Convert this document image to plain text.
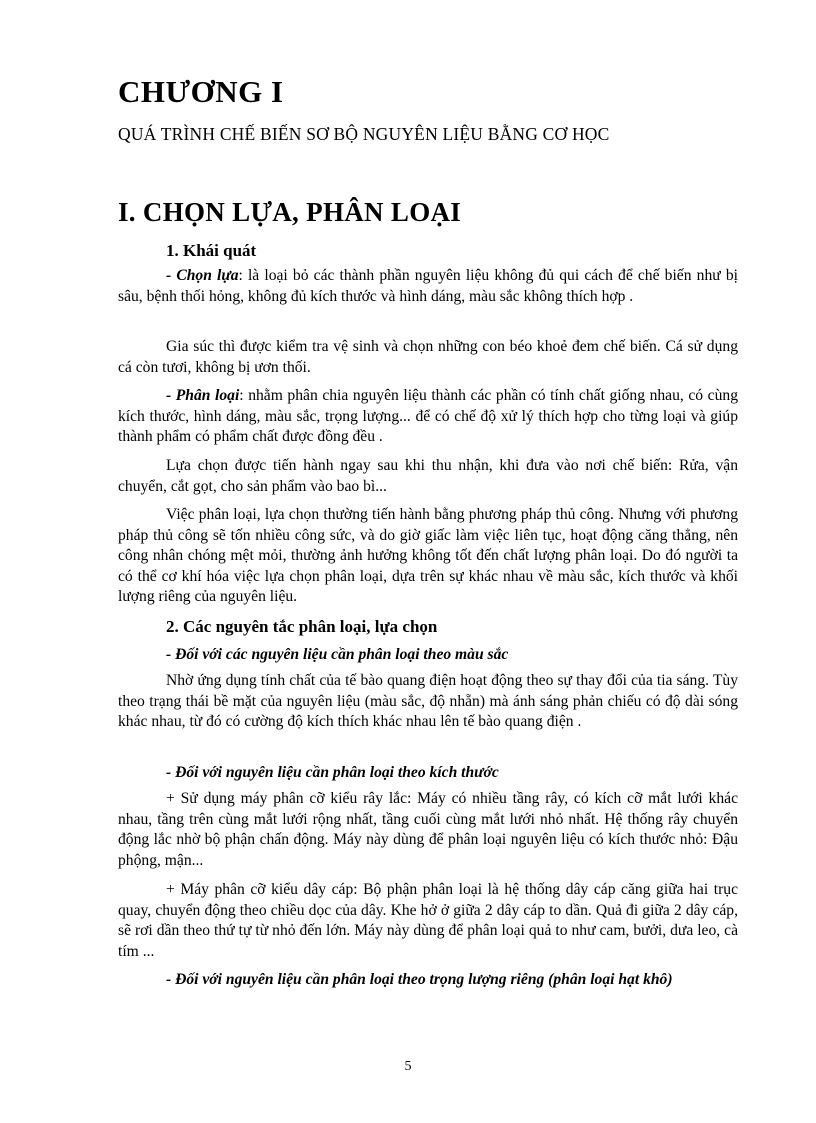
CHƯƠNG I

QUÁ TRÌNH CHẾ BIẾN SƠ BỘ NGUYÊN LIỆU BẰNG CƠ HỌC

I. CHỌN LỰA, PHÂN LOẠI
1. Khái quát

- Chọn lựa: là loại bỏ các thành phần nguyên liệu không đủ qui cách để chế biến như bị sâu, bệnh thối hỏng, không đủ kích thước và hình dáng, màu sắc không thích hợp .

Gia súc thì được kiểm tra vệ sinh và chọn những con béo khoẻ đem chế biến. Cá sử dụng cá còn tươi, không bị ươn thối.

- Phân loại: nhằm phân chia nguyên liệu thành các phần có tính chất giống nhau, có cùng kích thước, hình dáng, màu sắc, trọng lượng... để có chế độ xử lý thích hợp cho từng loại và giúp thành phẩm có phẩm chất được đồng đều .

Lựa chọn được tiến hành ngay sau khi thu nhận, khi đưa vào nơi chế biến: Rửa, vận chuyển, cắt gọt, cho sản phẩm vào bao bì...

Việc phân loại, lựa chọn thường tiến hành bằng phương pháp thủ công. Nhưng với phương pháp thủ công sẽ tốn nhiều công sức, và do giờ giấc làm việc liên tục, hoạt động căng thẳng, nên công nhân chóng mệt mỏi, thường ảnh hưởng không tốt đến chất lượng phân loại. Do đó người ta có thể cơ khí hóa việc lựa chọn phân loại, dựa trên sự khác nhau về màu sắc, kích thước và khối lượng riêng của nguyên liệu.

2. Các nguyên tắc phân loại, lựa chọn

- Đối với các nguyên liệu cần phân loại theo màu sắc

Nhờ ứng dụng tính chất của tế bào quang điện hoạt động theo sự thay đổi của tia sáng. Tùy theo trạng thái bề mặt của nguyên liệu (màu sắc, độ nhẵn) mà ánh sáng phản chiếu có độ dài sóng khác nhau, từ đó có cường độ kích thích khác nhau lên tế bào quang điện .

- Đối với nguyên liệu cần phân loại theo kích thước

+ Sử dụng máy phân cỡ kiểu rây lắc: Máy có nhiều tầng rây, có kích cỡ mắt lưới khác nhau, tầng trên cùng mắt lưới rộng nhất, tầng cuối cùng mắt lưới nhỏ nhất. Hệ thống rây chuyển động lắc nhờ bộ phận chấn động. Máy này dùng để phân loại nguyên liệu có kích thước nhỏ: Đậu phộng, mận...

+ Máy phân cỡ kiểu dây cáp: Bộ phận phân loại là hệ thống dây cáp căng giữa hai trục quay, chuyển động theo chiều dọc của dây. Khe hở ở giữa 2 dây cáp to dần. Quả đi giữa 2 dây cáp, sẽ rơi dần theo thứ tự từ nhỏ đến lớn. Máy này dùng để phân loại quả to như cam, bưởi, dưa leo, cà tím ...

- Đối với nguyên liệu cần phân loại theo trọng lượng riêng (phân loại hạt khô)

5
